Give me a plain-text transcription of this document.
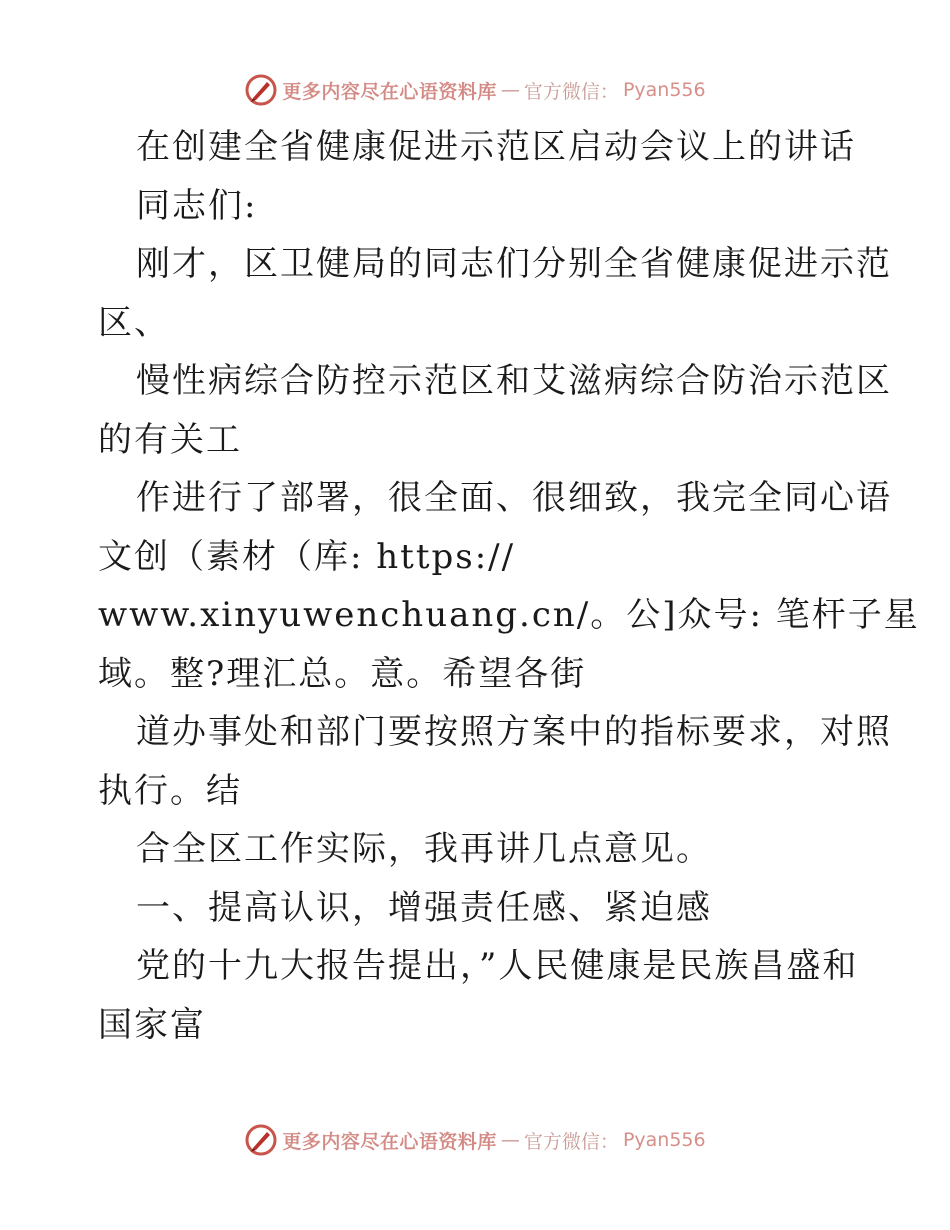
更多内容尽在心语资料库 — 官方微信： Pyan556
在创建全省健康促进示范区启动会议上的讲话
同志们:
刚才，区卫健局的同志们分别全省健康促进示范
区、
慢性病综合防控示范区和艾滋病综合防治示范区
的有关工
作进行了部署，很全面、很细致，我完全同心语
文创（素材（库: https://
www.xinyuwenchuang.cn/。公]众号: 笔杆子星
域。整?理汇总。意。希望各街
道办事处和部门要按照方案中的指标要求，对照
执行。结
合全区工作实际，我再讲几点意见。
一、提高认识，增强责任感、紧迫感
党的十九大报告提出，”人民健康是民族昌盛和
国家富
更多内容尽在心语资料库 — 官方微信： Pyan556
